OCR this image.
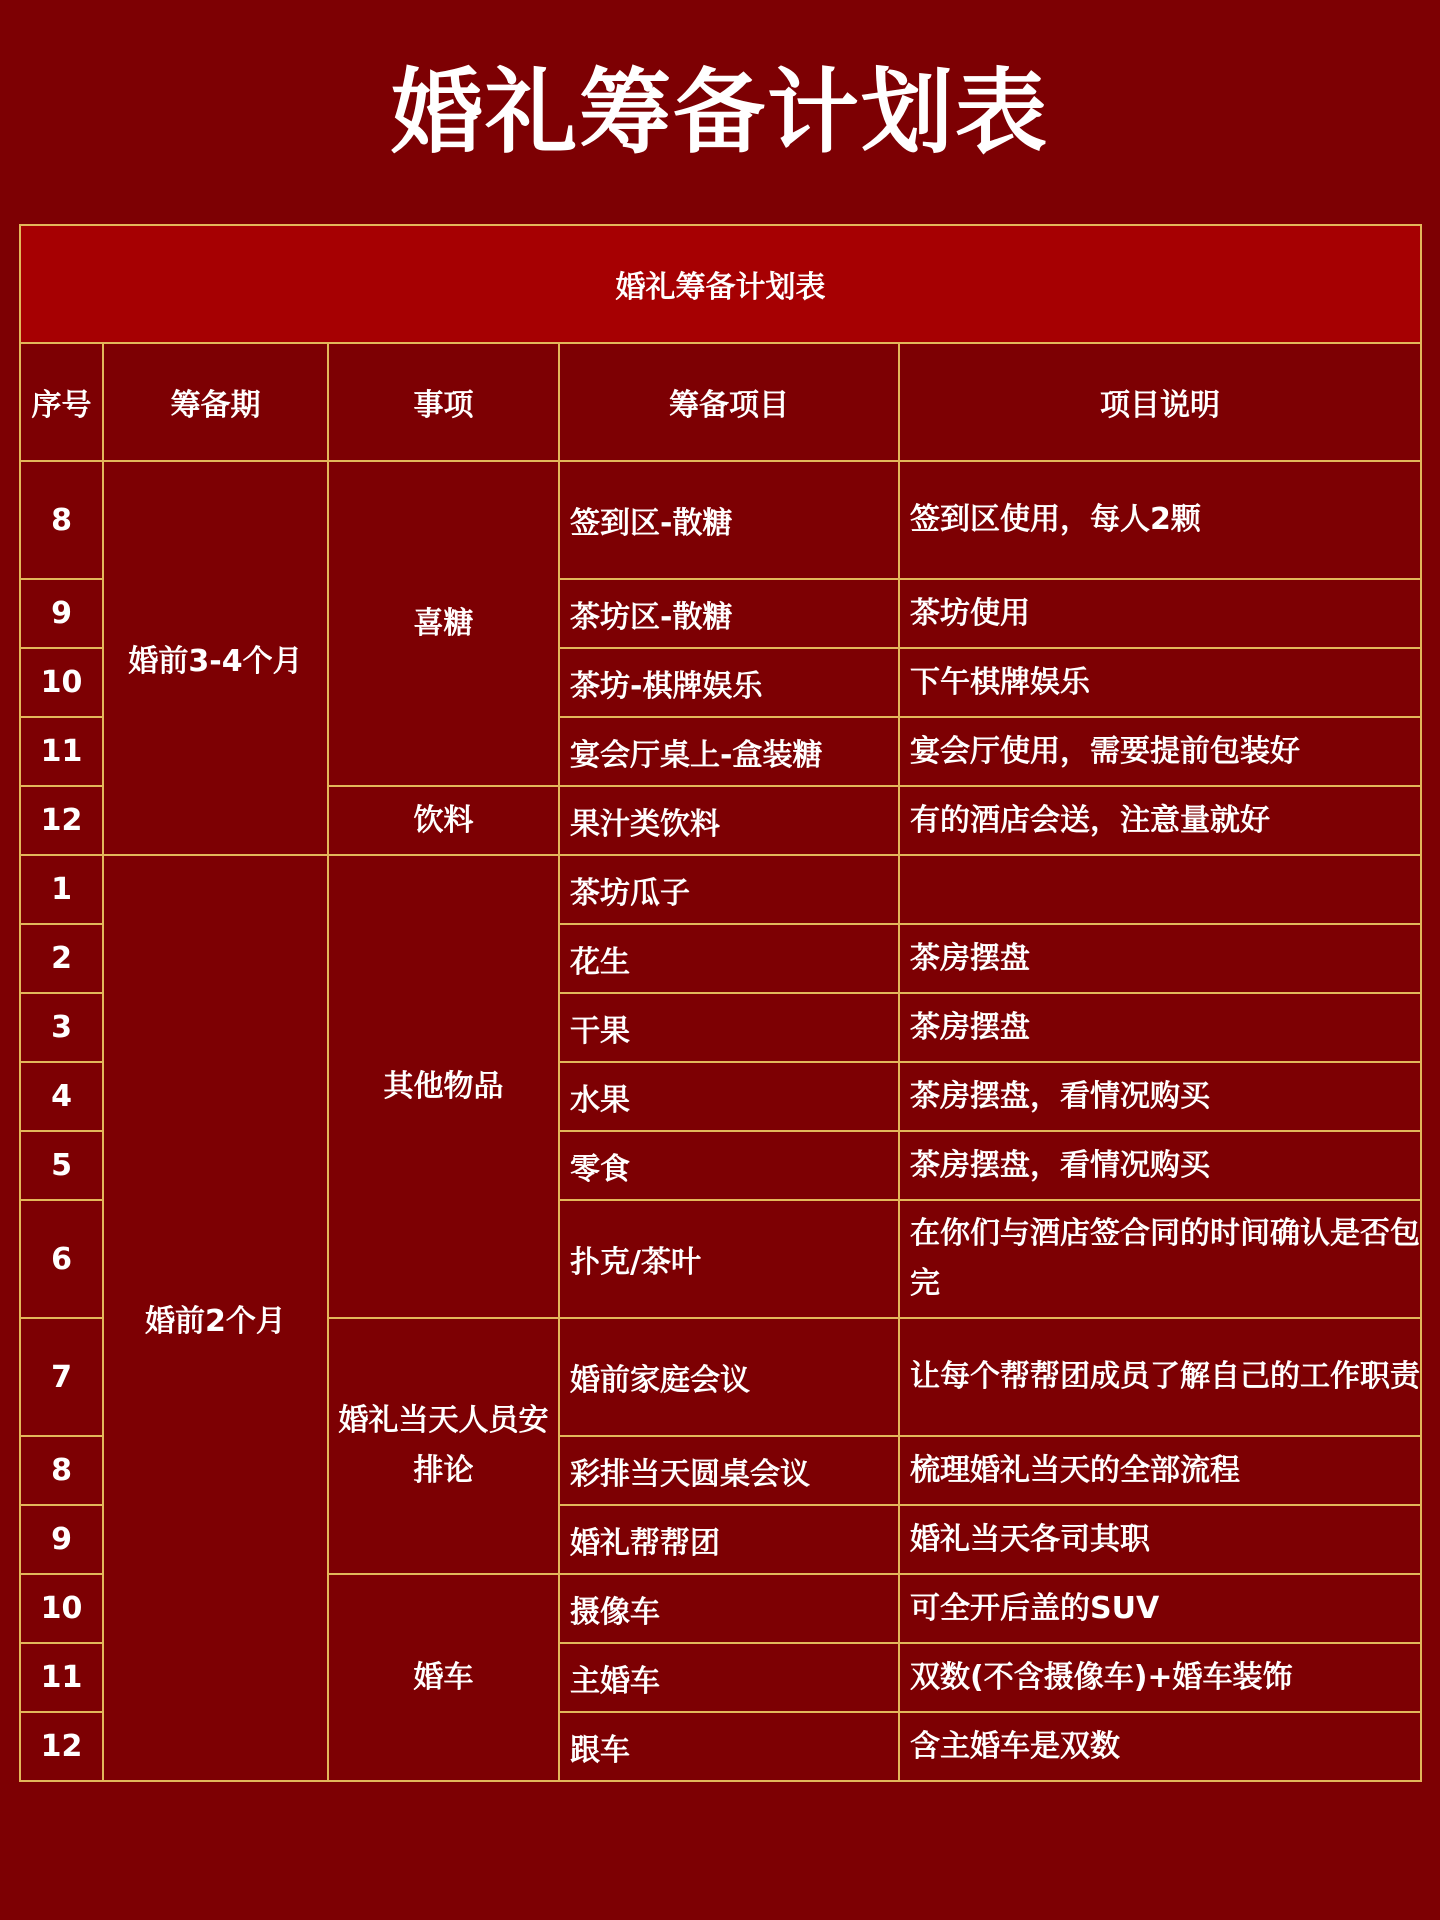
婚礼筹备计划表
婚礼筹备计划表				
序号	筹备期	事项	筹备项目	项目说明
8	婚前3-4个月	喜糖	签到区-散糖	签到区使用，每人2颗
9			茶坊区-散糖	茶坊使用
10			茶坊-棋牌娱乐	下午棋牌娱乐
11			宴会厅桌上-盒装糖	宴会厅使用，需要提前包装好
12		饮料	果汁类饮料	有的酒店会送，注意量就好
1	婚前2个月	其他物品	茶坊瓜子	
2			花生	茶房摆盘
3			干果	茶房摆盘
4			水果	茶房摆盘，看情况购买
5			零食	茶房摆盘，看情况购买
6			扑克/茶叶	在你们与酒店签合同的时间确认是否包完
7		婚礼当天人员安排论	婚前家庭会议	让每个帮帮团成员了解自己的工作职责
8			彩排当天圆桌会议	梳理婚礼当天的全部流程
9			婚礼帮帮团	婚礼当天各司其职
10		婚车	摄像车	可全开后盖的SUV
11			主婚车	双数(不含摄像车)+婚车装饰
12			跟车	含主婚车是双数
